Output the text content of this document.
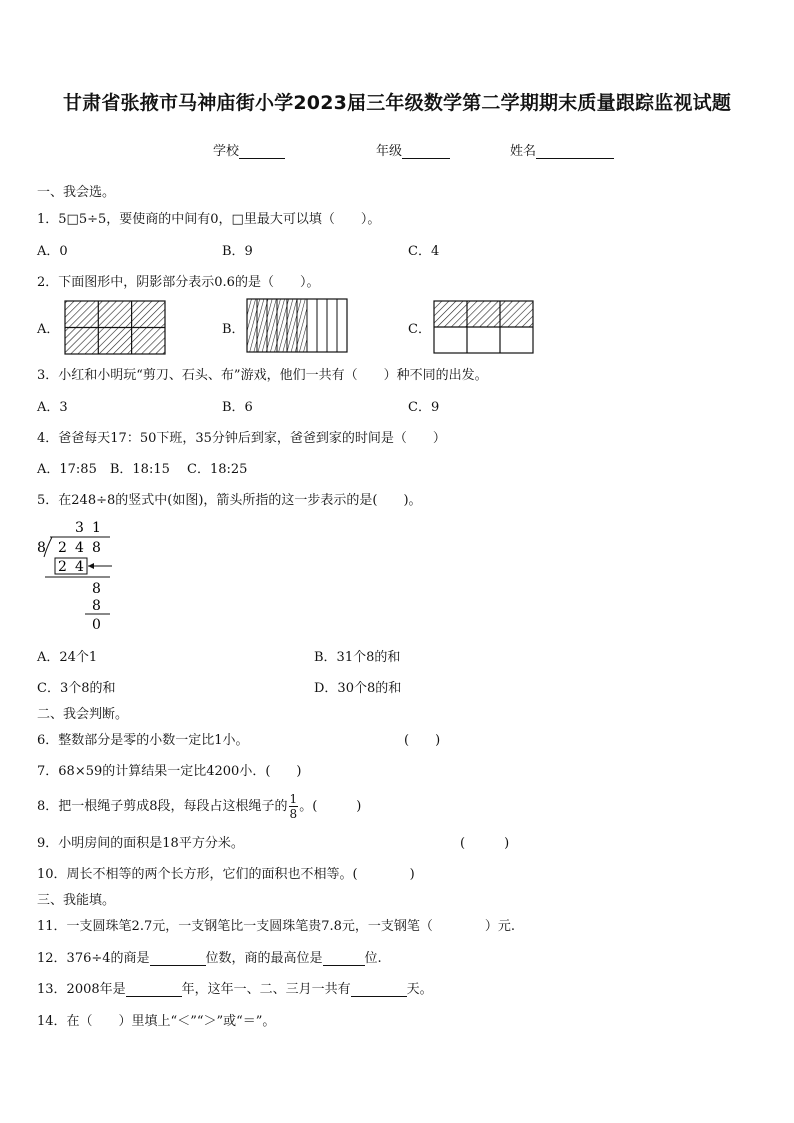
甘肃省张掖市马神庙街小学2023届三年级数学第二学期期末质量跟踪监视试题
学校	年级	姓名
一、我会选。
1．5□5÷5，要使商的中间有0，□里最大可以填（　　）。
A．0	B．9	C．4
2．下面图形中，阴影部分表示0.6的是（　　）。
A．	B．	C．
3 1
8 2 4 8
2 4
8
8
0
3．小红和小明玩“剪刀、石头、布”游戏，他们一共有（　　）种不同的出发。
A．3	B．6	C．9
4．爸爸每天17：50下班，35分钟后到家，爸爸到家的时间是（　　）
A．17:85　B．18:15　 C．18:25
5．在248÷8的竖式中(如图)，箭头所指的这一步表示的是(　　)。
A．24个1	B．31个8的和
C．3个8的和	D．30个8的和
二、我会判断。
6．整数部分是零的小数一定比1小。	(　　)
7．68×59的计算结果一定比4200小．(　　)
8．把一根绳子剪成8段，每段占这根绳子的 $\frac{1}{8}$ 。(　　　)
9．小明房间的面积是18平方分米。	(　　　)
10．周长不相等的两个长方形，它们的面积也不相等。(　　　　)
三、我能填。
11．一支圆珠笔2.7元，一支钢笔比一支圆珠笔贵7.8元，一支钢笔（　　　　）元.
12．376÷4的商是	位数，商的最高位是	位.
13．2008年是	年，这年一、二、三月一共有	天。
14．在（　　）里填上“＜”“＞”或“＝”。
